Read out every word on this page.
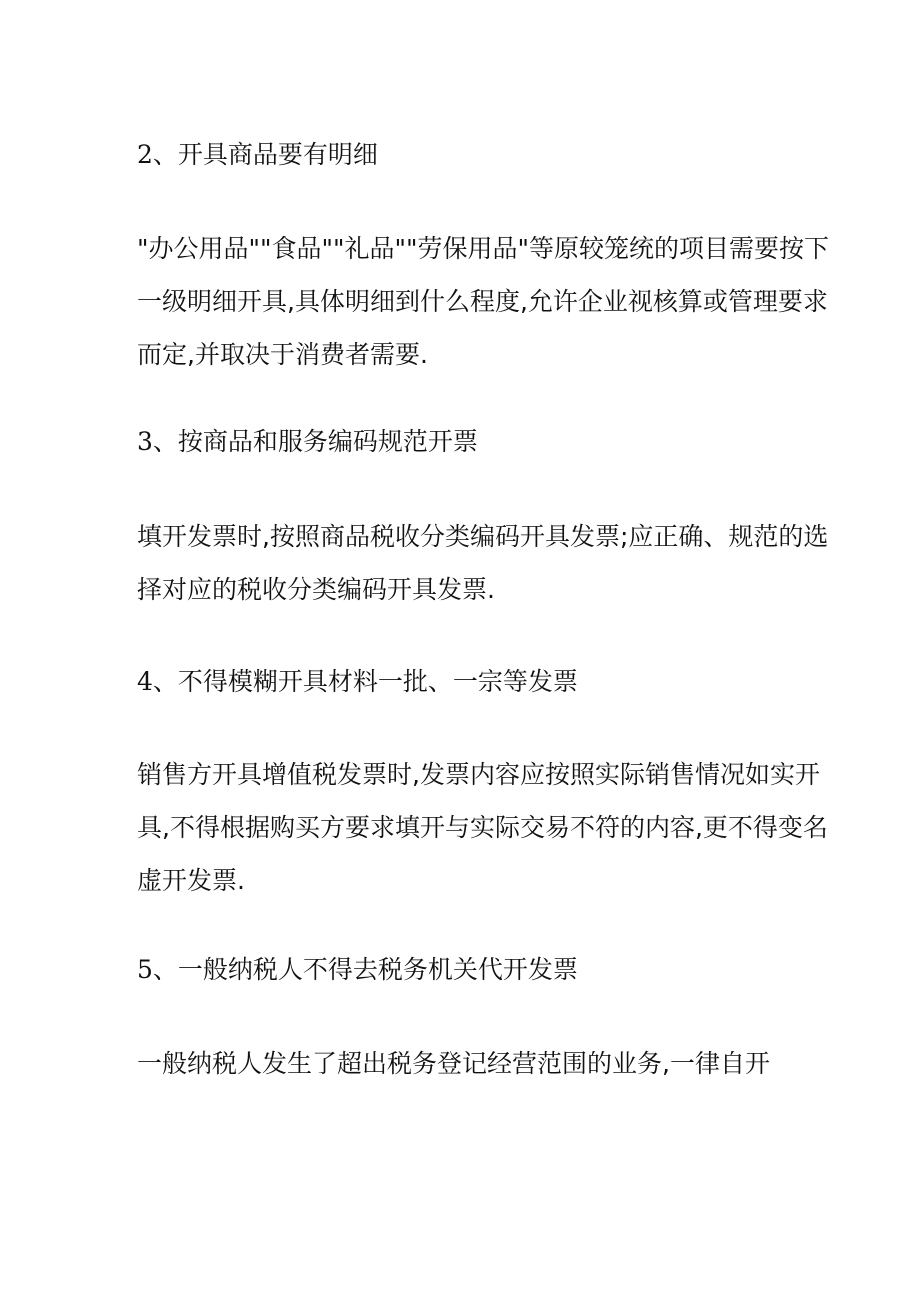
2、开具商品要有明细

"办公用品""食品""礼品""劳保用品"等原较笼统的项目需要按下
一级明细开具,具体明细到什么程度,允许企业视核算或管理要求
而定,并取决于消费者需要.

3、按商品和服务编码规范开票

填开发票时,按照商品税收分类编码开具发票;应正确、规范的选
择对应的税收分类编码开具发票.

4、不得模糊开具材料一批、一宗等发票

销售方开具增值税发票时,发票内容应按照实际销售情况如实开
具,不得根据购买方要求填开与实际交易不符的内容,更不得变名
虚开发票.

5、一般纳税人不得去税务机关代开发票

一般纳税人发生了超出税务登记经营范围的业务,一律自开
